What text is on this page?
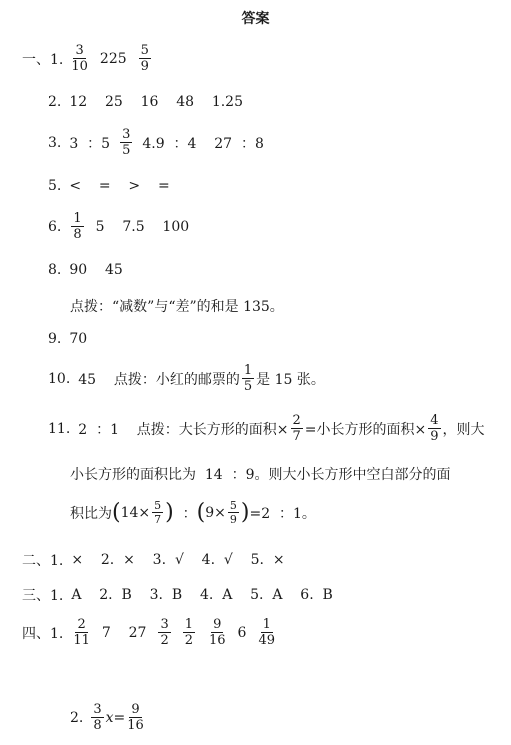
答案
一、1. $\frac{3}{10} 225 \frac{5}{9}$
2. 12    25    16    48    1.25
3. 3  ：$5 \frac{3}{5} 4.9$  ：4    27  ：8
5. <    =    >    =
6. $\frac{1}{8} 5$    7.5    100
8. 90    45
点拨：“减数”与“差”的和是 135。
9. 70
10. 45    点拨：小红的邮票的 $\frac{1}{5}$ 是 15 张。
11. 2  ：1    点拨：大长方形的面积× $\frac{2}{7}$ =小长方形的面积× $\frac{4}{9}$ ，则大
小长方形的面积比为  14  ：9。则大小长方形中空白部分的面
积比为 ( $14\times \frac{5}{7}$ ) ： ( $9\times \frac{5}{9}$ ) =2  ：1。
二、1. ×    2.  ×    3.  √    4.  √    5.  ×
三、1. A    2.  B    3.  B    4.  A    5.  A    6.  B
四、1. $\frac{2}{11} 7$    $27 \frac{3}{2} \frac{1}{2} \frac{9}{16} 6 \frac{1}{49}$
2. $\frac{3}{8} x= \frac{9}{16}$
